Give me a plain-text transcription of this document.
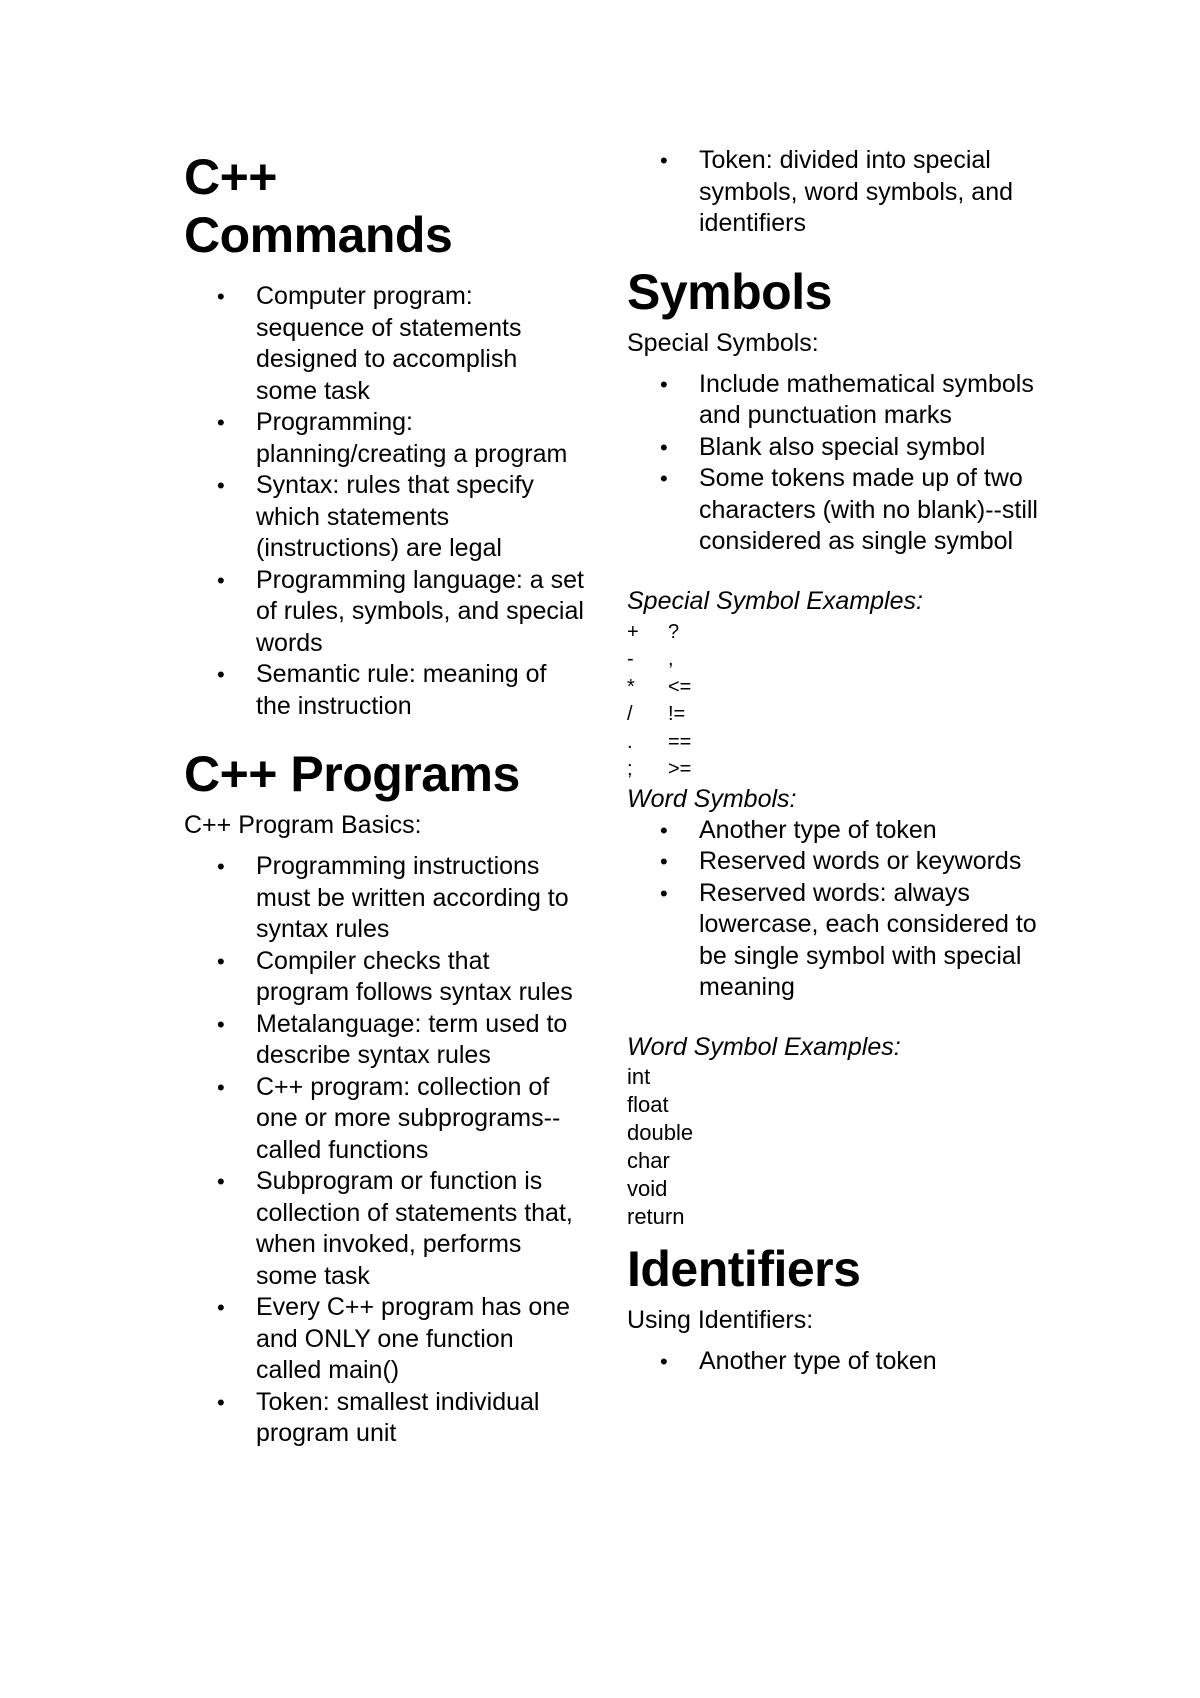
C++
Commands
• Computer program: sequence of statements designed to accomplish some task
• Programming: planning/creating a program
• Syntax: rules that specify which statements (instructions) are legal
• Programming language: a set of rules, symbols, and special words
• Semantic rule: meaning of the instruction
C++ Programs

C++ Program Basics:

• Programming instructions must be written according to syntax rules
• Compiler checks that program follows syntax rules
• Metalanguage: term used to describe syntax rules
• C++ program: collection of one or more subprograms--called functions
• Subprogram or function is collection of statements that, when invoked, performs some task
• Every C++ program has one and ONLY one function called main()
• Token: smallest individual program unit
• Token: divided into special symbols, word symbols, and identifiers
Symbols

Special Symbols:

• Include mathematical symbols and punctuation marks
• Blank also special symbol
• Some tokens made up of two characters (with no blank)--still considered as single symbol

Special Symbol Examples:

+	?
-	,
*	<=
/	!=
.	==
;	>=

Word Symbols:

• Another type of token
• Reserved words or keywords
• Reserved words: always lowercase, each considered to be single symbol with special meaning

Word Symbol Examples:

int
float
double
char
void
return
Identifiers

Using Identifiers:

• Another type of token
